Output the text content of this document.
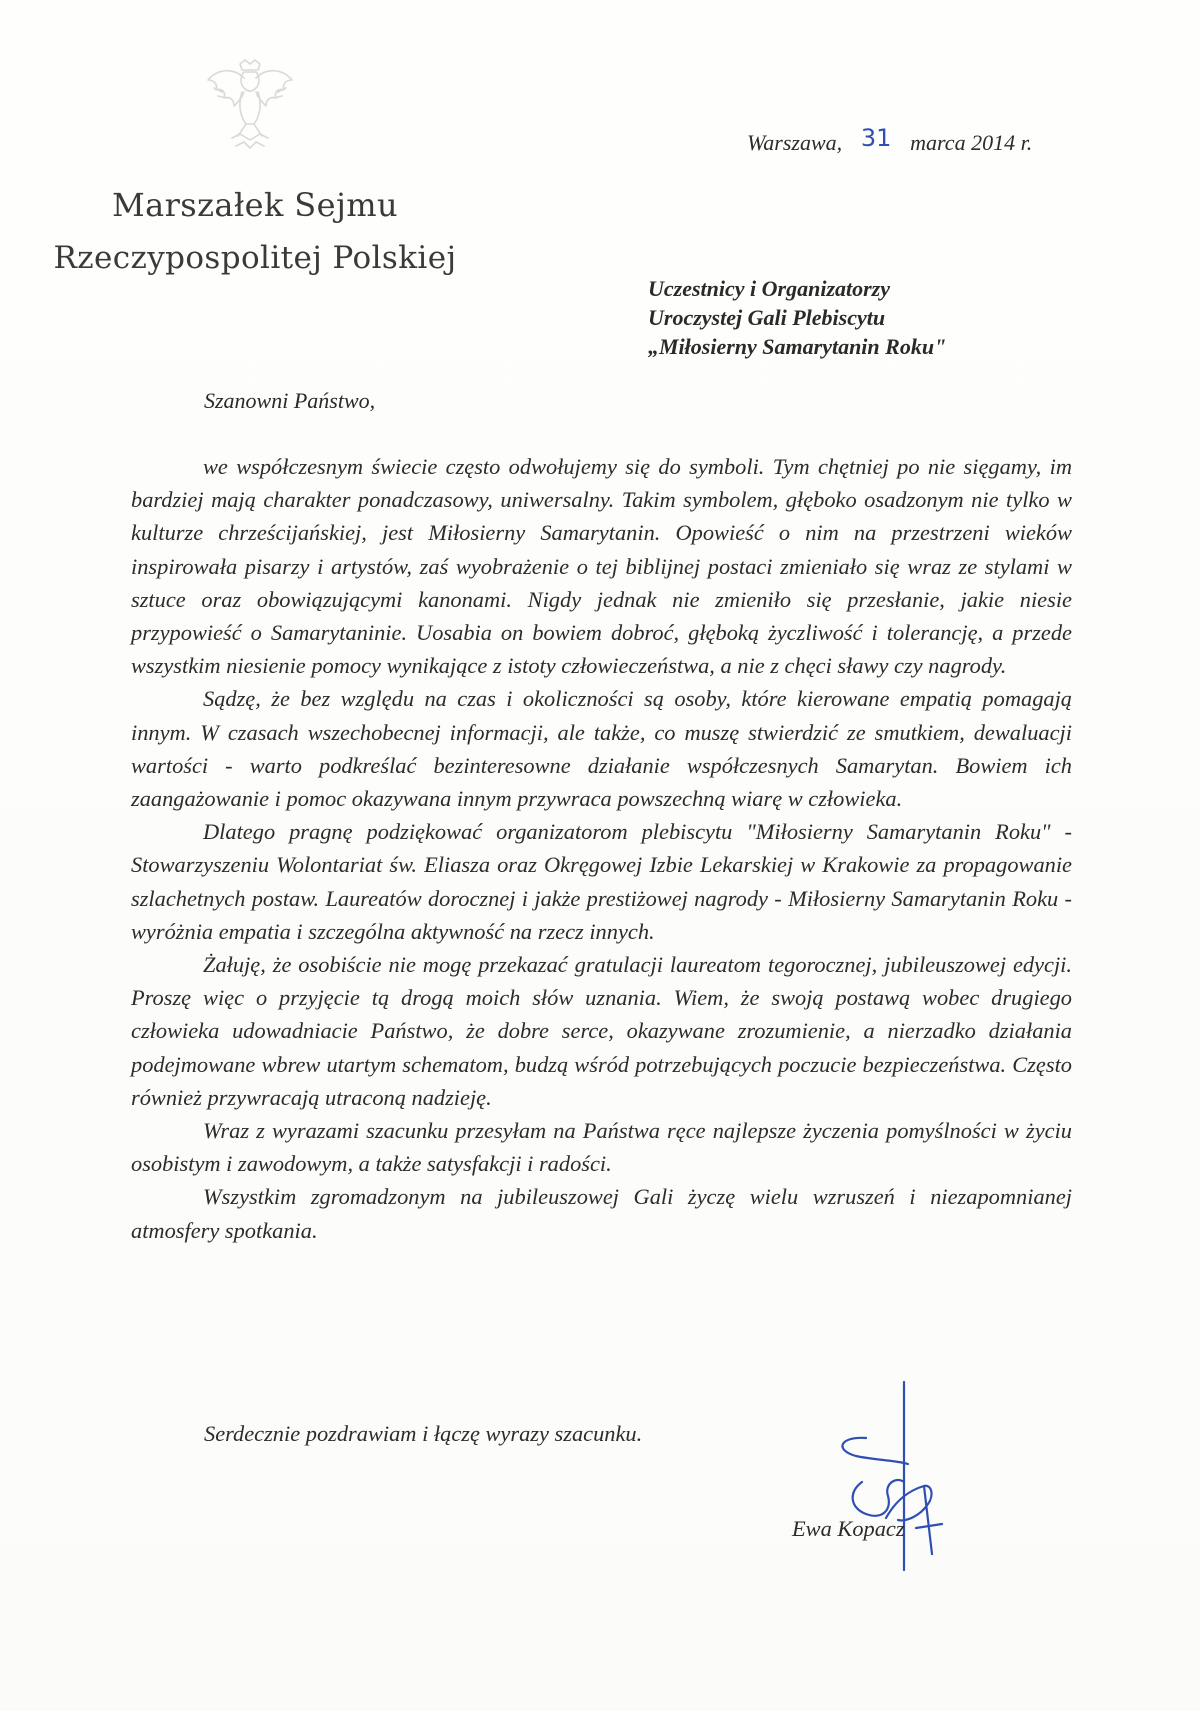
Marszałek Sejmu
Rzeczypospolitej Polskiej
Warszawa, 31 marca 2014 r.
Uczestnicy i Organizatorzy
Uroczystej Gali Plebiscytu
„Miłosierny Samarytanin Roku"
Szanowni Państwo,

we współczesnym świecie często odwołujemy się do symboli. Tym chętniej po nie sięgamy, im bardziej mają charakter ponadczasowy, uniwersalny. Takim symbolem, głęboko osadzonym nie tylko w kulturze chrześcijańskiej, jest Miłosierny Samarytanin. Opowieść o nim na przestrzeni wieków inspirowała pisarzy i artystów, zaś wyobrażenie o tej biblijnej postaci zmieniało się wraz ze stylami w sztuce oraz obowiązującymi kanonami. Nigdy jednak nie zmieniło się przesłanie, jakie niesie przypowieść o Samarytaninie. Uosabia on bowiem dobroć, głęboką życzliwość i tolerancję, a przede wszystkim niesienie pomocy wynikające z istoty człowieczeństwa, a nie z chęci sławy czy nagrody.

Sądzę, że bez względu na czas i okoliczności są osoby, które kierowane empatią pomagają innym. W czasach wszechobecnej informacji, ale także, co muszę stwierdzić ze smutkiem, dewaluacji wartości - warto podkreślać bezinteresowne działanie współczesnych Samarytan. Bowiem ich zaangażowanie i pomoc okazywana innym przywraca powszechną wiarę w człowieka.

Dlatego pragnę podziękować organizatorom plebiscytu "Miłosierny Samarytanin Roku" - Stowarzyszeniu Wolontariat św. Eliasza oraz Okręgowej Izbie Lekarskiej w Krakowie za propagowanie szlachetnych postaw. Laureatów dorocznej i jakże prestiżowej nagrody - Miłosierny Samarytanin Roku - wyróżnia empatia i szczególna aktywność na rzecz innych.

Żałuję, że osobiście nie mogę przekazać gratulacji laureatom tegorocznej, jubileuszowej edycji. Proszę więc o przyjęcie tą drogą moich słów uznania. Wiem, że swoją postawą wobec drugiego człowieka udowadniacie Państwo, że dobre serce, okazywane zrozumienie, a nierzadko działania podejmowane wbrew utartym schematom, budzą wśród potrzebujących poczucie bezpieczeństwa. Często również przywracają utraconą nadzieję.

Wraz z wyrazami szacunku przesyłam na Państwa ręce najlepsze życzenia pomyślności w życiu osobistym i zawodowym, a także satysfakcji i radości.

Wszystkim zgromadzonym na jubileuszowej Gali życzę wielu wzruszeń i niezapomnianej atmosfery spotkania.

Serdecznie pozdrawiam i łączę wyrazy szacunku.
Ewa Kopacz
